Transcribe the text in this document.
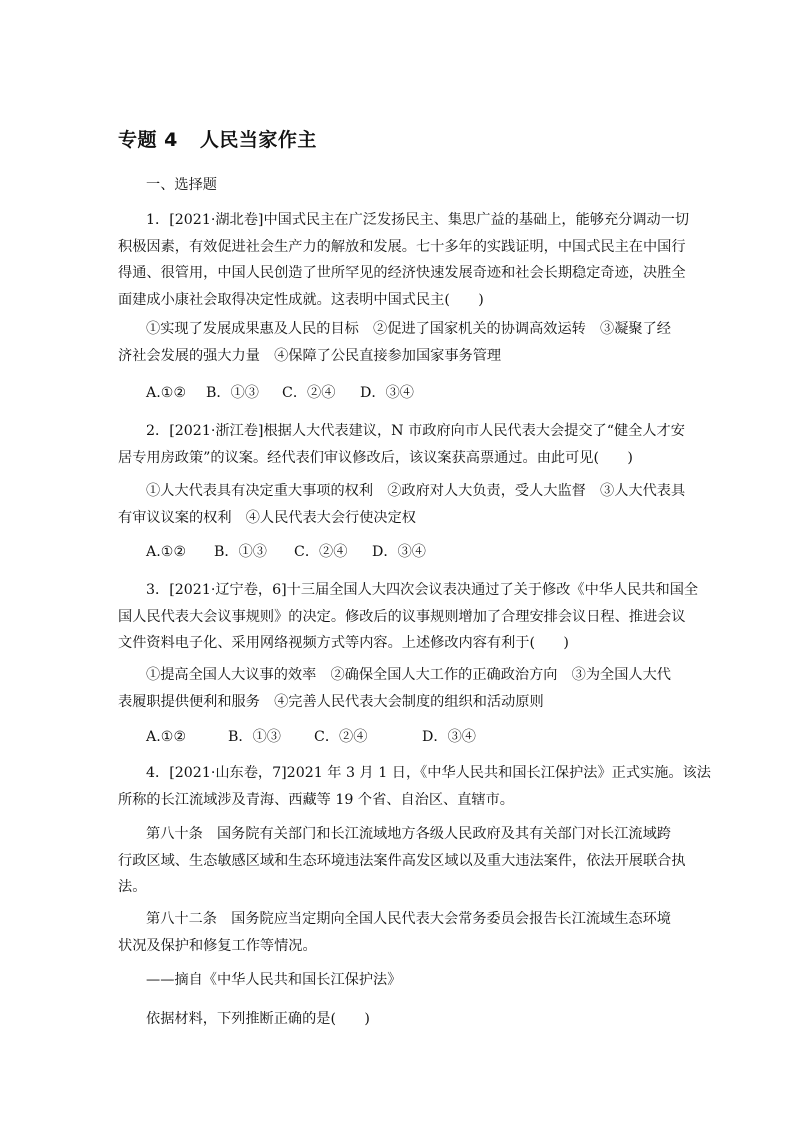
专题 4 人民当家作主
一、选择题
1．[2021·湖北卷]中国式民主在广泛发扬民主、集思广益的基础上，能够充分调动一切
积极因素，有效促进社会生产力的解放和发展。七十多年的实践证明，中国式民主在中国行
得通、很管用，中国人民创造了世所罕见的经济快速发展奇迹和社会长期稳定奇迹，决胜全
面建成小康社会取得决定性成就。这表明中国式民主(　　)
①实现了发展成果惠及人民的目标　②促进了国家机关的协调高效运转　③凝聚了经
济社会发展的强大力量　④保障了公民直接参加国家事务管理
A.①② B．①③ C．②④ D．③④
2．[2021·浙江卷]根据人大代表建议，N 市政府向市人民代表大会提交了“健全人才安
居专用房政策”的议案。经代表们审议修改后，该议案获高票通过。由此可见(　　)
①人大代表具有决定重大事项的权利　②政府对人大负责，受人大监督　③人大代表具
有审议议案的权利　④人民代表大会行使决定权
A.①② B．①③ C．②④ D．③④
3．[2021·辽宁卷，6]十三届全国人大四次会议表决通过了关于修改《中华人民共和国全
国人民代表大会议事规则》的决定。修改后的议事规则增加了合理安排会议日程、推进会议
文件资料电子化、采用网络视频方式等内容。上述修改内容有利于(　　)
①提高全国人大议事的效率　②确保全国人大工作的正确政治方向　③为全国人大代
表履职提供便利和服务　④完善人民代表大会制度的组织和活动原则
A.①②	B．①③ C．②④	D．③④
4．[2021·山东卷，7]2021 年 3 月 1 日，《中华人民共和国长江保护法》正式实施。该法
所称的长江流域涉及青海、西藏等 19 个省、自治区、直辖市。
第八十条　国务院有关部门和长江流域地方各级人民政府及其有关部门对长江流域跨
行政区域、生态敏感区域和生态环境违法案件高发区域以及重大违法案件，依法开展联合执
法。
第八十二条　国务院应当定期向全国人民代表大会常务委员会报告长江流域生态环境
状况及保护和修复工作等情况。
——摘自《中华人民共和国长江保护法》
依据材料，下列推断正确的是(　　)
